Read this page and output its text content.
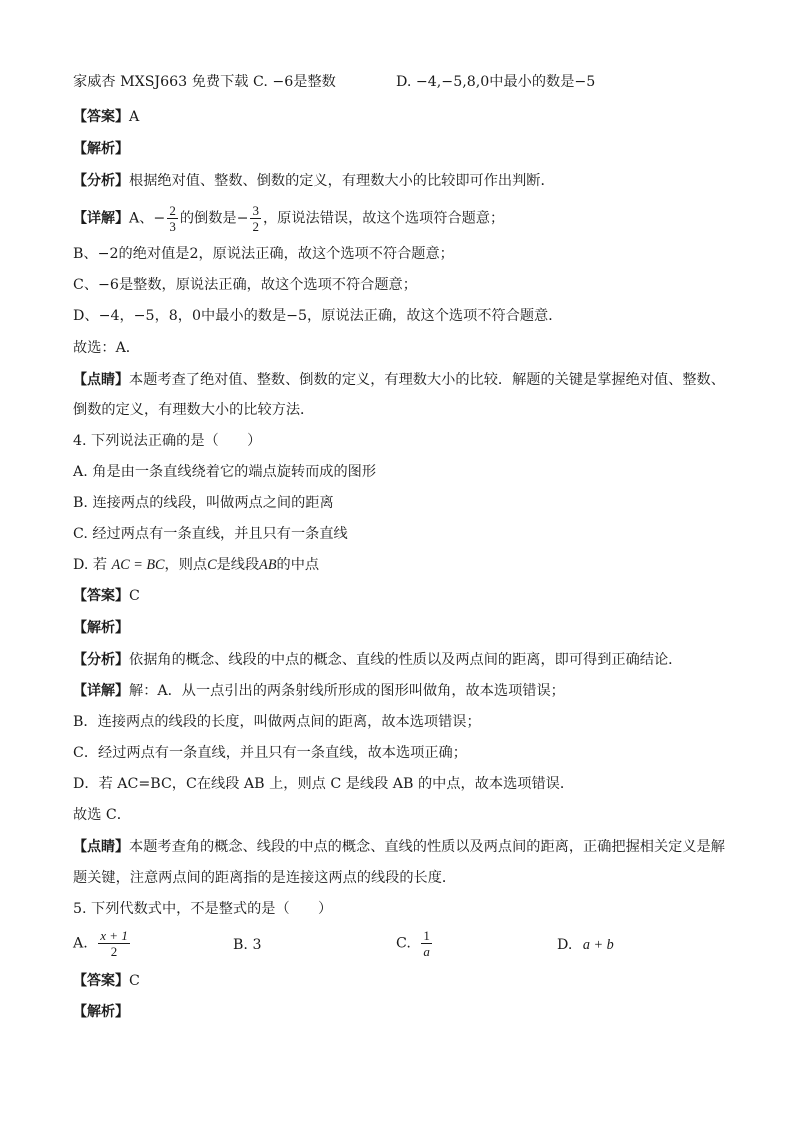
家威杏 MXSJ663 免费下载 C. −6是整数	D. −4,−5,8,0中最小的数是−5
【答案】A
【解析】
【分析】根据绝对值、整数、倒数的定义，有理数大小的比较即可作出判断．
【详解】A、− $\frac{2}{3}$ 的倒数是− $\frac{3}{2}$ ，原说法错误，故这个选项符合题意；
B、−2的绝对值是2，原说法正确，故这个选项不符合题意；
C、−6是整数，原说法正确，故这个选项不符合题意；
D、−4，−5，8，0中最小的数是−5，原说法正确，故这个选项不符合题意．
故选：A．
【点睛】本题考查了绝对值、整数、倒数的定义，有理数大小的比较．解题的关键是掌握绝对值、整数、
倒数的定义，有理数大小的比较方法．
4. 下列说法正确的是（　　）
A. 角是由一条直线绕着它的端点旋转而成的图形
B. 连接两点的线段，叫做两点之间的距离
C. 经过两点有一条直线，并且只有一条直线
D. 若 AC = BC，则点C是线段AB的中点
【答案】C
【解析】
【分析】依据角的概念、线段的中点的概念、直线的性质以及两点间的距离，即可得到正确结论．
【详解】解：A．从一点引出的两条射线所形成的图形叫做角，故本选项错误；
B．连接两点的线段的长度，叫做两点间的距离，故本选项错误；
C．经过两点有一条直线，并且只有一条直线，故本选项正确；
D．若 AC=BC，C在线段 AB 上，则点 C 是线段 AB 的中点，故本选项错误．
故选 C．
【点睛】本题考查角的概念、线段的中点的概念、直线的性质以及两点间的距离，正确把握相关定义是解
题关键，注意两点间的距离指的是连接这两点的线段的长度．
5. 下列代数式中，不是整式的是（　　）
A. $\frac{x + 1}{2}$	B. 3	C. $\frac{1}{a}$	D. a + b
【答案】C
【解析】
